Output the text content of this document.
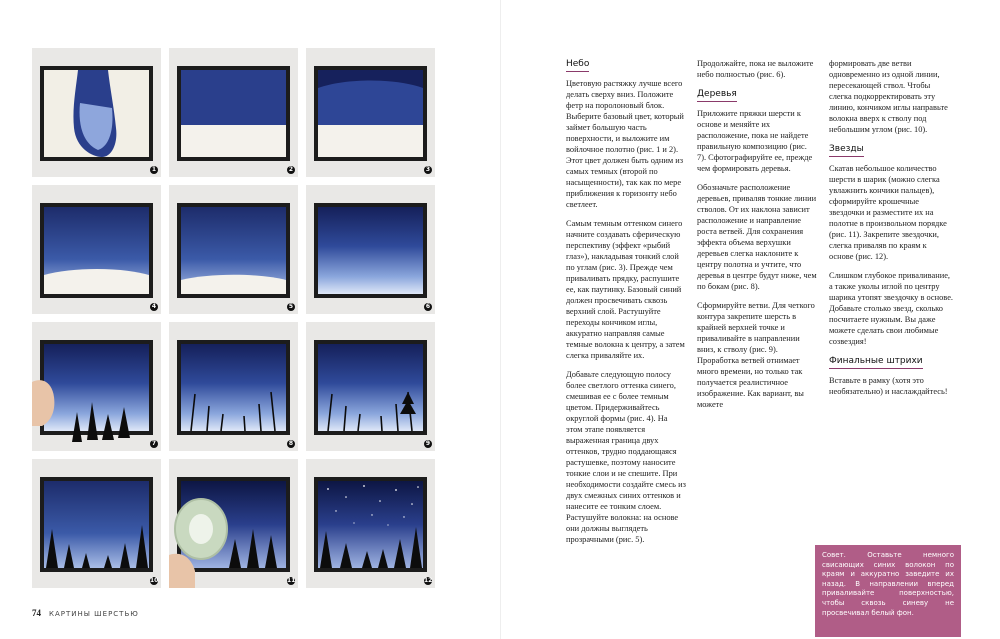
1	2	3
4	5	6
7	8	9
10	11	12
74 КАРТИНЫ ШЕРСТЬЮ
Небо

Цветовую растяжку лучше всего делать сверху вниз. Положите фетр на поролоновый блок. Выберите базовый цвет, который займет большую часть поверхности, и выложите им войлочное полотно (рис. 1 и 2). Этот цвет должен быть одним из самых темных (второй по насыщенности), так как по мере приближения к горизонту небо светлеет.

Самым темным оттенком синего начните создавать сферическую перспективу (эффект «рыбий глаз»), накладывая тонкий слой по углам (рис. 3). Прежде чем приваливать прядку, распушите ее, как паутинку. Базовый синий должен просвечивать сквозь верхний слой. Растушуйте переходы кончиком иглы, аккуратно направляя самые темные волокна к центру, а затем слегка приваляйте их.

Добавьте следующую полосу более светлого оттенка синего, смешивая ее с более темным цветом. Придерживайтесь округлой формы (рис. 4). На этом этапе появляется выраженная граница двух оттенков, трудно поддающаяся растушевке, поэтому наносите тонкие слои и не спешите. При необходимости создайте смесь из двух смежных синих оттенков и нанесите ее тонким слоем. Растушуйте волокна: на основе они должны выглядеть прозрачными (рис. 5).

Продолжайте, пока не выложите небо полностью (рис. 6).

Деревья

Приложите пряжки шерсти к основе и меняйте их расположение, пока не найдете правильную композицию (рис. 7). Сфотографируйте ее, прежде чем формировать деревья.

Обозначьте расположение деревьев, приваляв тонкие линии стволов. От их наклона зависит расположение и направление роста ветвей. Для сохранения эффекта объема верхушки деревьев слегка наклоните к центру полотна и учтите, что деревья в центре будут ниже, чем по бокам (рис. 8).

Сформируйте ветви. Для четкого контура закрепите шерсть в крайней верхней точке и приваливайте в направлении вниз, к стволу (рис. 9). Проработка ветвей отнимает много времени, но только так получается реалистичное изображение. Как вариант, вы можете

формировать две ветви одновременно из одной линии, пересекающей ствол. Чтобы слегка подкорректировать эту линию, кончиком иглы направьте волокна вверх к стволу под небольшим углом (рис. 10).

Звезды

Скатав небольшое количество шерсти в шарик (можно слегка увлажнить кончики пальцев), сформируйте крошечные звездочки и разместите их на полотне в произвольном порядке (рис. 11). Закрепите звездочки, слегка приваляв по краям к основе (рис. 12).

Слишком глубокое приваливание, а также уколы иглой по центру шарика утопят звездочку в основе. Добавьте столько звезд, сколько посчитаете нужным. Вы даже можете сделать свои любимые созвездия!

Финальные штрихи

Вставьте в рамку (хотя это необязательно) и наслаждайтесь!

Совет. Оставьте немного свисающих синих волокон по краям и аккуратно заведите их назад. В направлении вперед приваливайте поверхностью, чтобы сквозь синеву не просвечивал белый фон.
